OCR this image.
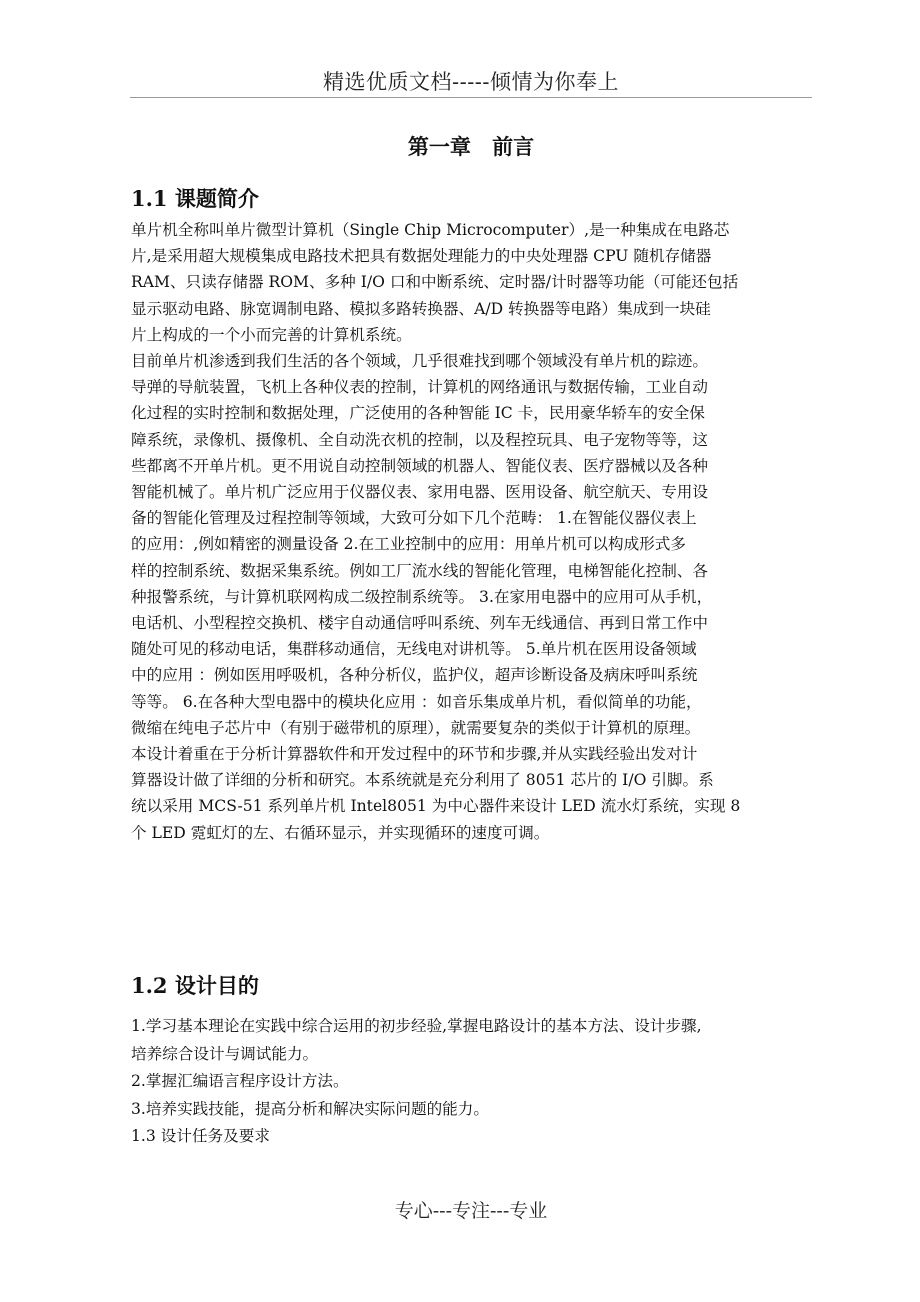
精选优质文档-----倾情为你奉上
第一章 前言
1.1 课题简介
单片机全称叫单片微型计算机（Single Chip Microcomputer）,是一种集成在电路芯
片,是采用超大规模集成电路技术把具有数据处理能力的中央处理器 CPU 随机存储器
RAM、只读存储器 ROM、多种 I/O 口和中断系统、定时器/计时器等功能（可能还包括
显示驱动电路、脉宽调制电路、模拟多路转换器、A/D 转换器等电路）集成到一块硅
片上构成的一个小而完善的计算机系统。
目前单片机渗透到我们生活的各个领域，几乎很难找到哪个领域没有单片机的踪迹。
导弹的导航装置，飞机上各种仪表的控制，计算机的网络通讯与数据传输，工业自动
化过程的实时控制和数据处理，广泛使用的各种智能 IC 卡，民用豪华轿车的安全保
障系统，录像机、摄像机、全自动洗衣机的控制，以及程控玩具、电子宠物等等，这
些都离不开单片机。更不用说自动控制领域的机器人、智能仪表、医疗器械以及各种
智能机械了。单片机广泛应用于仪器仪表、家用电器、医用设备、航空航天、专用设
备的智能化管理及过程控制等领域，大致可分如下几个范畴： 1.在智能仪器仪表上
的应用：,例如精密的测量设备 2.在工业控制中的应用：用单片机可以构成形式多
样的控制系统、数据采集系统。例如工厂流水线的智能化管理，电梯智能化控制、各
种报警系统，与计算机联网构成二级控制系统等。 3.在家用电器中的应用可从手机，
电话机、小型程控交换机、楼宇自动通信呼叫系统、列车无线通信、再到日常工作中
随处可见的移动电话，集群移动通信，无线电对讲机等。 5.单片机在医用设备领域
中的应用 ：例如医用呼吸机，各种分析仪，监护仪，超声诊断设备及病床呼叫系统
等等。 6.在各种大型电器中的模块化应用 ：如音乐集成单片机，看似简单的功能，
微缩在纯电子芯片中（有别于磁带机的原理），就需要复杂的类似于计算机的原理。
本设计着重在于分析计算器软件和开发过程中的环节和步骤,并从实践经验出发对计
算器设计做了详细的分析和研究。本系统就是充分利用了 8051 芯片的 I/O 引脚。系
统以采用 MCS-51 系列单片机 Intel8051 为中心器件来设计 LED 流水灯系统，实现 8
个 LED 霓虹灯的左、右循环显示，并实现循环的速度可调。
1.2 设计目的
1.学习基本理论在实践中综合运用的初步经验,掌握电路设计的基本方法、设计步骤,
培养综合设计与调试能力。
2.掌握汇编语言程序设计方法。
3.培养实践技能，提高分析和解决实际问题的能力。
1.3 设计任务及要求
专心---专注---专业
